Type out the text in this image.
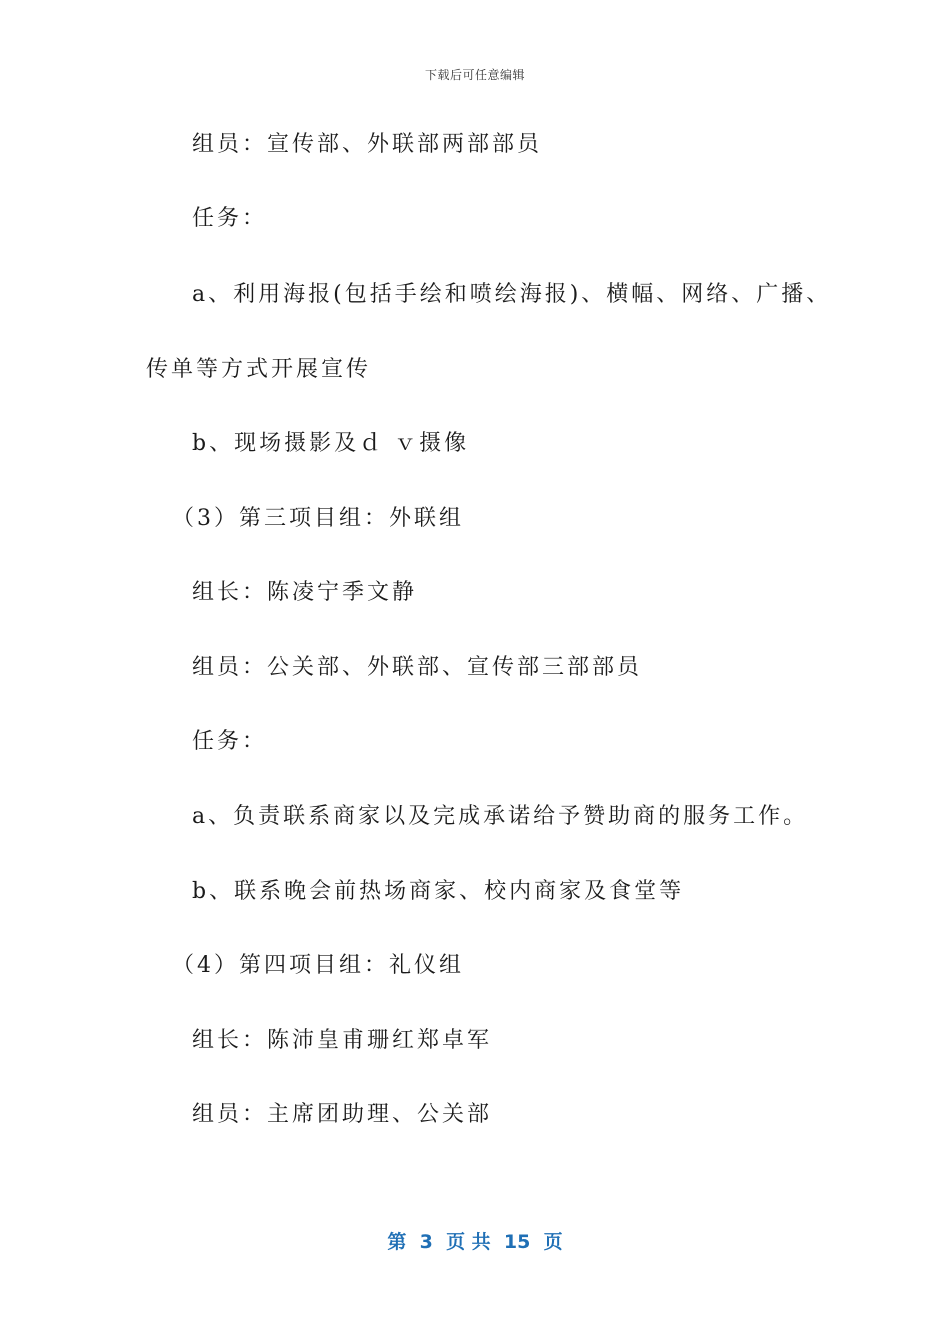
下载后可任意编辑
组员：宣传部、外联部两部部员
任务：
a、利用海报(包括手绘和喷绘海报)、横幅、网络、广播、
传单等方式开展宣传
b、现场摄影及ｄ ｖ摄像
（3）第三项目组：外联组
组长：陈凌宁季文静
组员：公关部、外联部、宣传部三部部员
任务：
a、负责联系商家以及完成承诺给予赞助商的服务工作。
b、联系晚会前热场商家、校内商家及食堂等
（4）第四项目组：礼仪组
组长：陈沛皇甫珊红郑卓军
组员：主席团助理、公关部
第  3  页 共  15  页
